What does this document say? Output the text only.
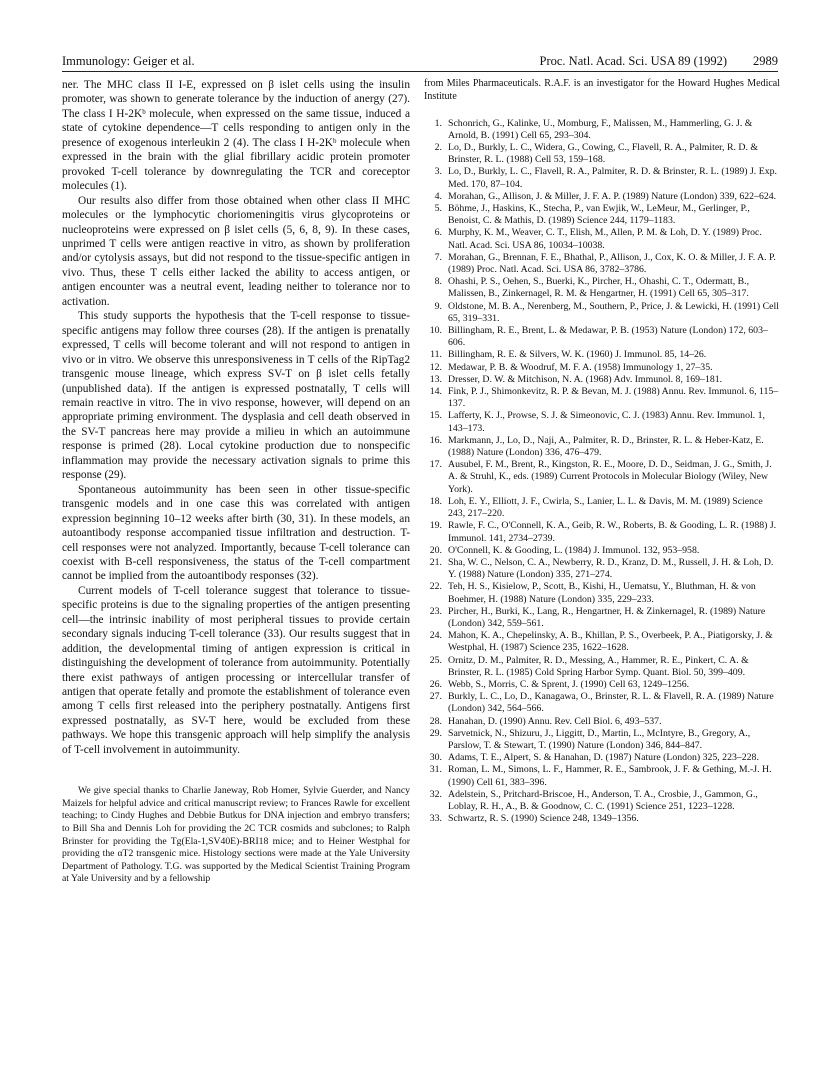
Immunology: Geiger et al.	Proc. Natl. Acad. Sci. USA 89 (1992) 2989

ner. The MHC class II I-E, expressed on β islet cells using the insulin promoter, was shown to generate tolerance by the induction of anergy (27). The class I H-2Kᵇ molecule, when expressed on the same tissue, induced a state of cytokine dependence—T cells responding to antigen only in the presence of exogenous interleukin 2 (4). The class I H-2Kᵇ molecule when expressed in the brain with the glial fibrillary acidic protein promoter provoked T-cell tolerance by downregulating the TCR and coreceptor molecules (1).

Our results also differ from those obtained when other class II MHC molecules or the lymphocytic choriomeningitis virus glycoproteins or nucleoproteins were expressed on β islet cells (5, 6, 8, 9). In these cases, unprimed T cells were antigen reactive in vitro, as shown by proliferation and/or cytolysis assays, but did not respond to the tissue-specific antigen in vivo. Thus, these T cells either lacked the ability to access antigen, or antigen encounter was a neutral event, leading neither to tolerance nor to activation.

This study supports the hypothesis that the T-cell response to tissue-specific antigens may follow three courses (28). If the antigen is prenatally expressed, T cells will become tolerant and will not respond to antigen in vivo or in vitro. We observe this unresponsiveness in T cells of the RipTag2 transgenic mouse lineage, which express SV-T on β islet cells fetally (unpublished data). If the antigen is expressed postnatally, T cells will remain reactive in vitro. The in vivo response, however, will depend on an appropriate priming environment. The dysplasia and cell death observed in the SV-T pancreas here may provide a milieu in which an autoimmune response is primed (28). Local cytokine production due to nonspecific inflammation may provide the necessary activation signals to prime this response (29).

Spontaneous autoimmunity has been seen in other tissue-specific transgenic models and in one case this was correlated with antigen expression beginning 10–12 weeks after birth (30, 31). In these models, an autoantibody response accompanied tissue infiltration and destruction. T-cell responses were not analyzed. Importantly, because T-cell tolerance can coexist with B-cell responsiveness, the status of the T-cell compartment cannot be implied from the autoantibody responses (32).

Current models of T-cell tolerance suggest that tolerance to tissue-specific proteins is due to the signaling properties of the antigen presenting cell—the intrinsic inability of most peripheral tissues to provide certain secondary signals inducing T-cell tolerance (33). Our results suggest that in addition, the developmental timing of antigen expression is critical in distinguishing the development of tolerance from autoimmunity. Potentially there exist pathways of antigen processing or intercellular transfer of antigen that operate fetally and promote the establishment of tolerance even among T cells first released into the periphery postnatally. Antigens first expressed postnatally, as SV-T here, would be excluded from these pathways. We hope this transgenic approach will help simplify the analysis of T-cell involvement in autoimmunity.

We give special thanks to Charlie Janeway, Rob Homer, Sylvie Guerder, and Nancy Maizels for helpful advice and critical manuscript review; to Frances Rawle for excellent teaching; to Cindy Hughes and Debbie Butkus for DNA injection and embryo transfers; to Bill Sha and Dennis Loh for providing the 2C TCR cosmids and subclones; to Ralph Brinster for providing the Tg(Ela-1,SV40E)-BRI18 mice; and to Heiner Westphal for providing the αT2 transgenic mice. Histology sections were made at the Yale University Department of Pathology. T.G. was supported by the Medical Scientist Training Program at Yale University and by a fellowship

from Miles Pharmaceuticals. R.A.F. is an investigator for the Howard Hughes Medical Institute

1. Schonrich, G., Kalinke, U., Momburg, F., Malissen, M., Hammerling, G. J. & Arnold, B. (1991) Cell 65, 293–304.
2. Lo, D., Burkly, L. C., Widera, G., Cowing, C., Flavell, R. A., Palmiter, R. D. & Brinster, R. L. (1988) Cell 53, 159–168.
3. Lo, D., Burkly, L. C., Flavell, R. A., Palmiter, R. D. & Brinster, R. L. (1989) J. Exp. Med. 170, 87–104.
4. Morahan, G., Allison, J. & Miller, J. F. A. P. (1989) Nature (London) 339, 622–624.
5. Böhme, J., Haskins, K., Stecha, P., van Ewjik, W., LeMeur, M., Gerlinger, P., Benoist, C. & Mathis, D. (1989) Science 244, 1179–1183.
6. Murphy, K. M., Weaver, C. T., Elish, M., Allen, P. M. & Loh, D. Y. (1989) Proc. Natl. Acad. Sci. USA 86, 10034–10038.
7. Morahan, G., Brennan, F. E., Bhathal, P., Allison, J., Cox, K. O. & Miller, J. F. A. P. (1989) Proc. Natl. Acad. Sci. USA 86, 3782–3786.
8. Ohashi, P. S., Oehen, S., Buerki, K., Pircher, H., Ohashi, C. T., Odermatt, B., Malissen, B., Zinkernagel, R. M. & Hengartner, H. (1991) Cell 65, 305–317.
9. Oldstone, M. B. A., Nerenberg, M., Southern, P., Price, J. & Lewicki, H. (1991) Cell 65, 319–331.
10. Billingham, R. E., Brent, L. & Medawar, P. B. (1953) Nature (London) 172, 603–606.
11. Billingham, R. E. & Silvers, W. K. (1960) J. Immunol. 85, 14–26.
12. Medawar, P. B. & Woodruf, M. F. A. (1958) Immunology 1, 27–35.
13. Dresser, D. W. & Mitchison, N. A. (1968) Adv. Immunol. 8, 169–181.
14. Fink, P. J., Shimonkevitz, R. P. & Bevan, M. J. (1988) Annu. Rev. Immunol. 6, 115–137.
15. Lafferty, K. J., Prowse, S. J. & Simeonovic, C. J. (1983) Annu. Rev. Immunol. 1, 143–173.
16. Markmann, J., Lo, D., Naji, A., Palmiter, R. D., Brinster, R. L. & Heber-Katz, E. (1988) Nature (London) 336, 476–479.
17. Ausubel, F. M., Brent, R., Kingston, R. E., Moore, D. D., Seidman, J. G., Smith, J. A. & Struhl, K., eds. (1989) Current Protocols in Molecular Biology (Wiley, New York).
18. Loh, E. Y., Elliott, J. F., Cwirla, S., Lanier, L. L. & Davis, M. M. (1989) Science 243, 217–220.
19. Rawle, F. C., O'Connell, K. A., Geib, R. W., Roberts, B. & Gooding, L. R. (1988) J. Immunol. 141, 2734–2739.
20. O'Connell, K. & Gooding, L. (1984) J. Immunol. 132, 953–958.
21. Sha, W. C., Nelson, C. A., Newberry, R. D., Kranz, D. M., Russell, J. H. & Loh, D. Y. (1988) Nature (London) 335, 271–274.
22. Teh, H. S., Kisielow, P., Scott, B., Kishi, H., Uematsu, Y., Bluthman, H. & von Boehmer, H. (1988) Nature (London) 335, 229–233.
23. Pircher, H., Burki, K., Lang, R., Hengartner, H. & Zinkernagel, R. (1989) Nature (London) 342, 559–561.
24. Mahon, K. A., Chepelinsky, A. B., Khillan, P. S., Overbeek, P. A., Piatigorsky, J. & Westphal, H. (1987) Science 235, 1622–1628.
25. Ornitz, D. M., Palmiter, R. D., Messing, A., Hammer, R. E., Pinkert, C. A. & Brinster, R. L. (1985) Cold Spring Harbor Symp. Quant. Biol. 50, 399–409.
26. Webb, S., Morris, C. & Sprent, J. (1990) Cell 63, 1249–1256.
27. Burkly, L. C., Lo, D., Kanagawa, O., Brinster, R. L. & Flavell, R. A. (1989) Nature (London) 342, 564–566.
28. Hanahan, D. (1990) Annu. Rev. Cell Biol. 6, 493–537.
29. Sarvetnick, N., Shizuru, J., Liggitt, D., Martin, L., McIntyre, B., Gregory, A., Parslow, T. & Stewart, T. (1990) Nature (London) 346, 844–847.
30. Adams, T. E., Alpert, S. & Hanahan, D. (1987) Nature (London) 325, 223–228.
31. Roman, L. M., Simons, L. F., Hammer, R. E., Sambrook, J. F. & Gething, M.-J. H. (1990) Cell 61, 383–396.
32. Adelstein, S., Pritchard-Briscoe, H., Anderson, T. A., Crosbie, J., Gammon, G., Loblay, R. H., A., B. & Goodnow, C. C. (1991) Science 251, 1223–1228.
33. Schwartz, R. S. (1990) Science 248, 1349–1356.
